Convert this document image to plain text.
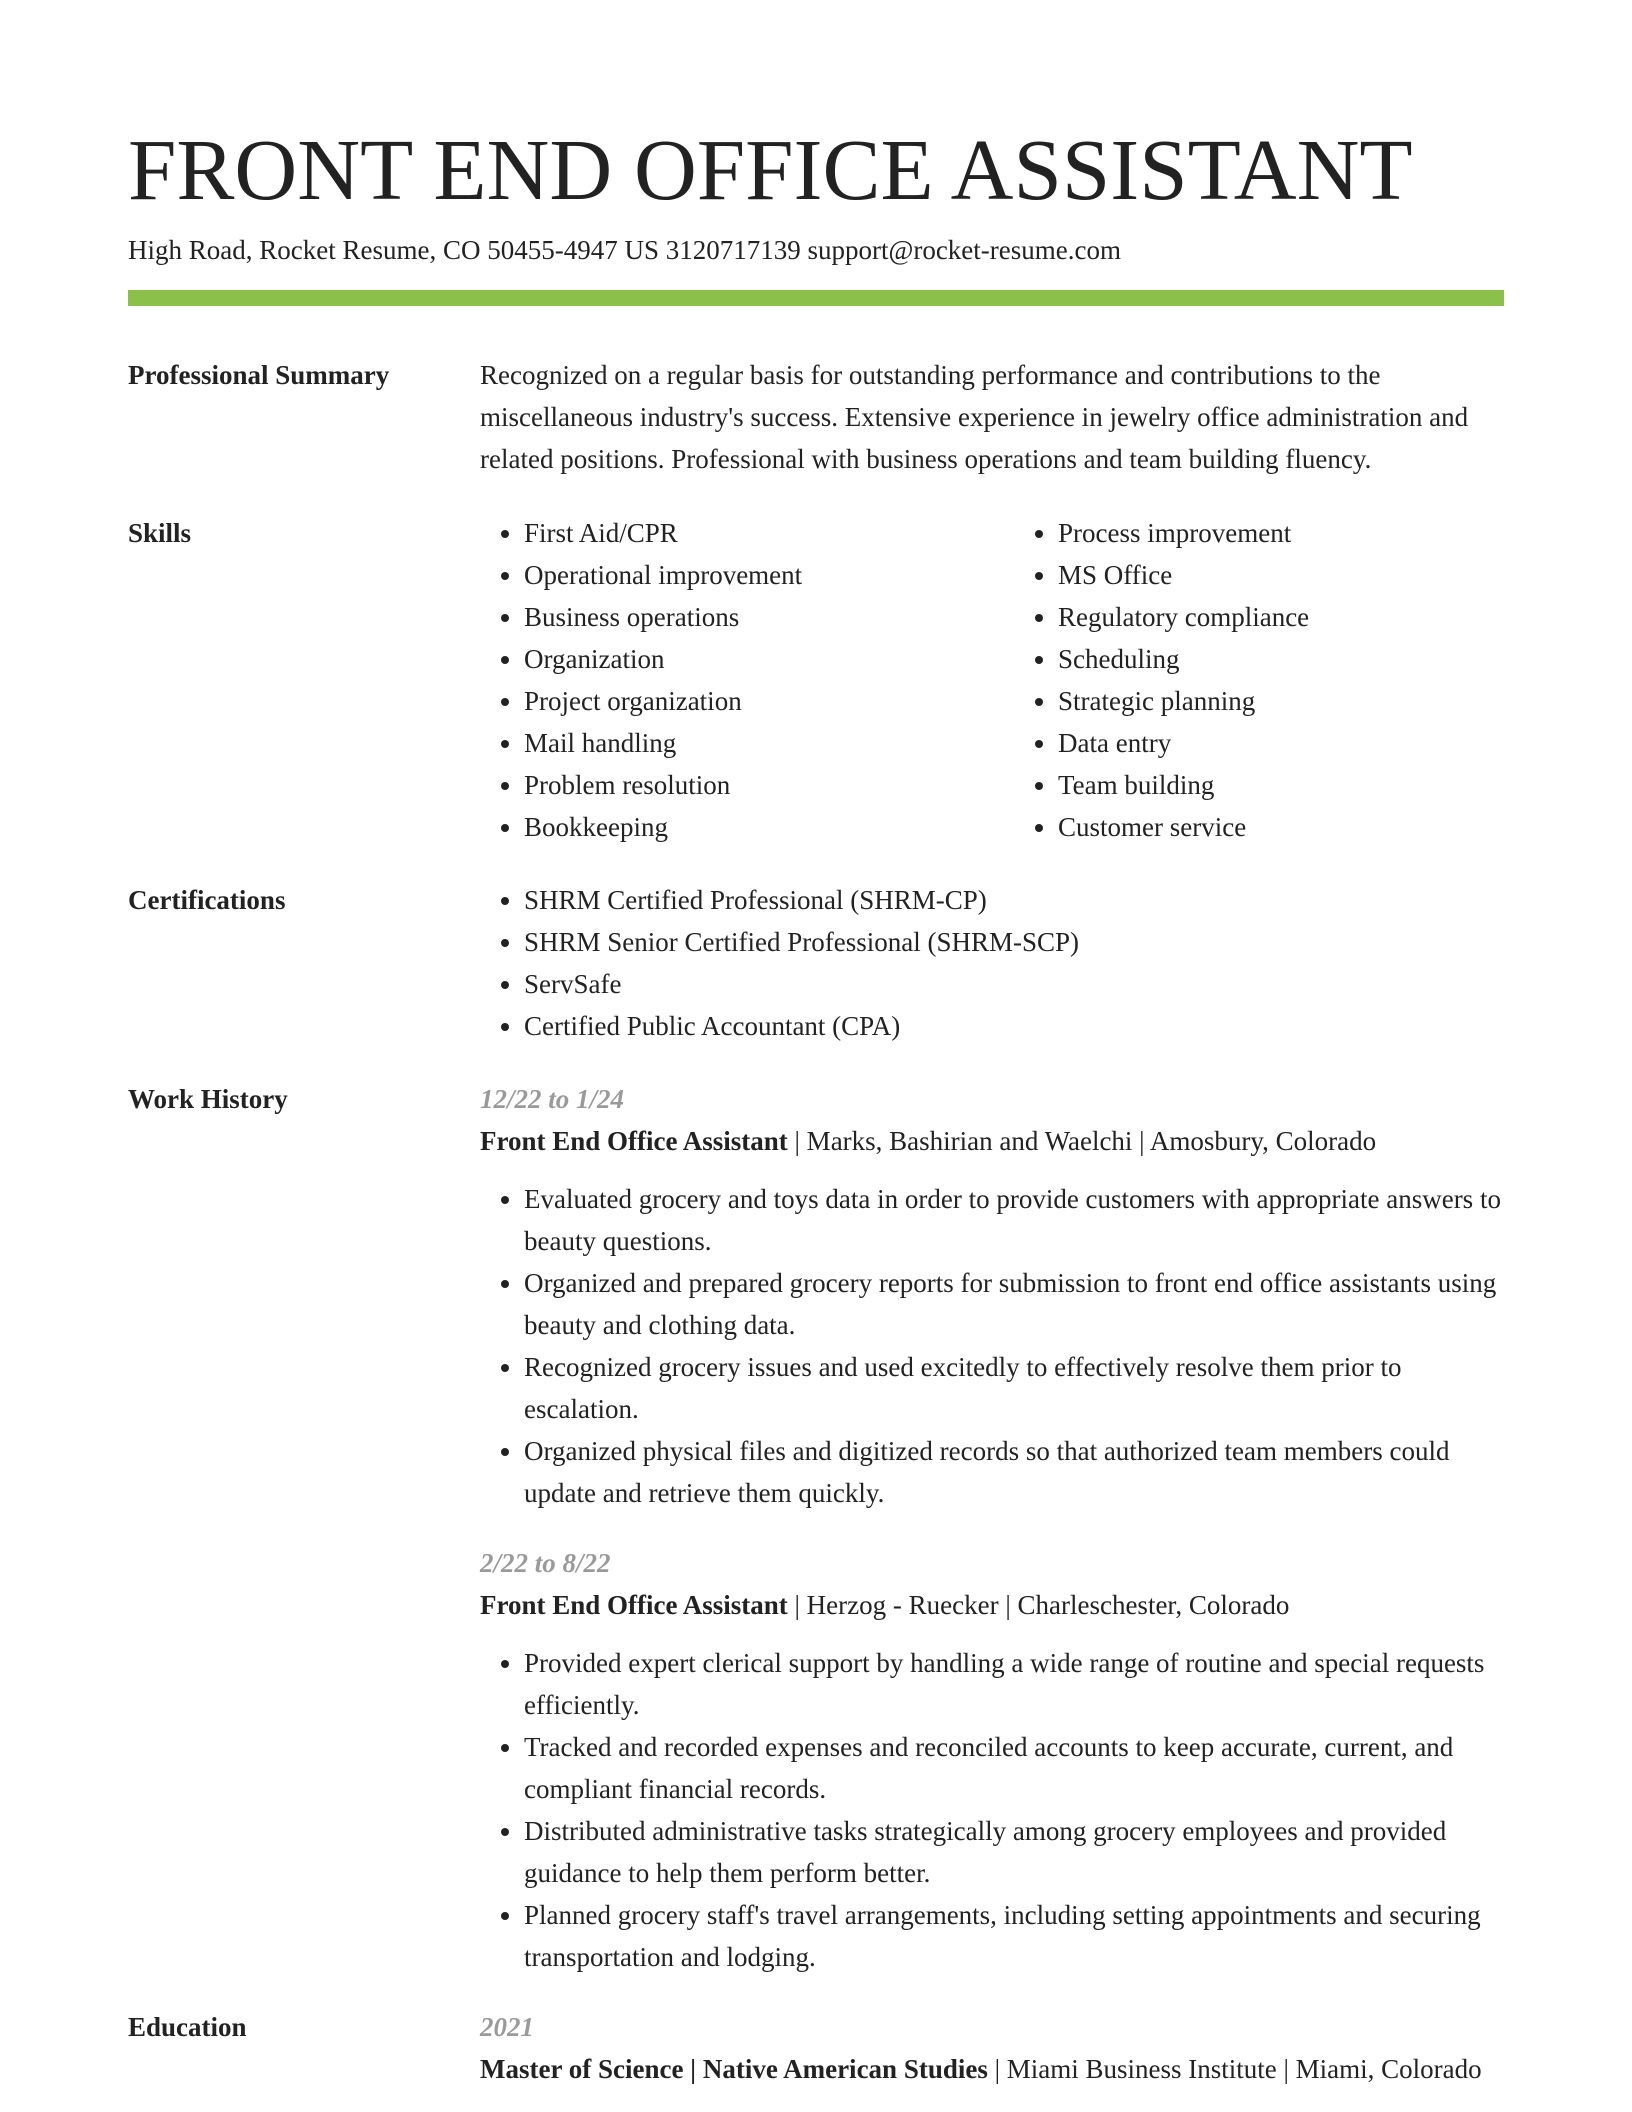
FRONT END OFFICE ASSISTANT
High Road, Rocket Resume, CO 50455-4947 US 3120717139 support@rocket-resume.com
Professional Summary	Recognized on a regular basis for outstanding performance and contributions to the miscellaneous industry's success. Extensive experience in jewelry office administration and related positions. Professional with business operations and team building fluency.

Skills	• First Aid/CPR
• Operational improvement
• Business operations
• Organization
• Project organization
• Mail handling
• Problem resolution
• Bookkeeping
• Process improvement
• MS Office
• Regulatory compliance
• Scheduling
• Strategic planning
• Data entry
• Team building
• Customer service
Certifications	• SHRM Certified Professional (SHRM-CP)
• SHRM Senior Certified Professional (SHRM-SCP)
• ServSafe
• Certified Public Accountant (CPA)
Work History	12/22 to 1/24
Front End Office Assistant | Marks, Bashirian and Waelchi | Amosbury, Colorado
• Evaluated grocery and toys data in order to provide customers with appropriate answers to beauty questions.
• Organized and prepared grocery reports for submission to front end office assistants using beauty and clothing data.
• Recognized grocery issues and used excitedly to effectively resolve them prior to escalation.
• Organized physical files and digitized records so that authorized team members could update and retrieve them quickly.
2/22 to 8/22
Front End Office Assistant | Herzog - Ruecker | Charleschester, Colorado
• Provided expert clerical support by handling a wide range of routine and special requests efficiently.
• Tracked and recorded expenses and reconciled accounts to keep accurate, current, and compliant financial records.
• Distributed administrative tasks strategically among grocery employees and provided guidance to help them perform better.
• Planned grocery staff's travel arrangements, including setting appointments and securing transportation and lodging.
Education	2021
Master of Science | Native American Studies | Miami Business Institute | Miami, Colorado
